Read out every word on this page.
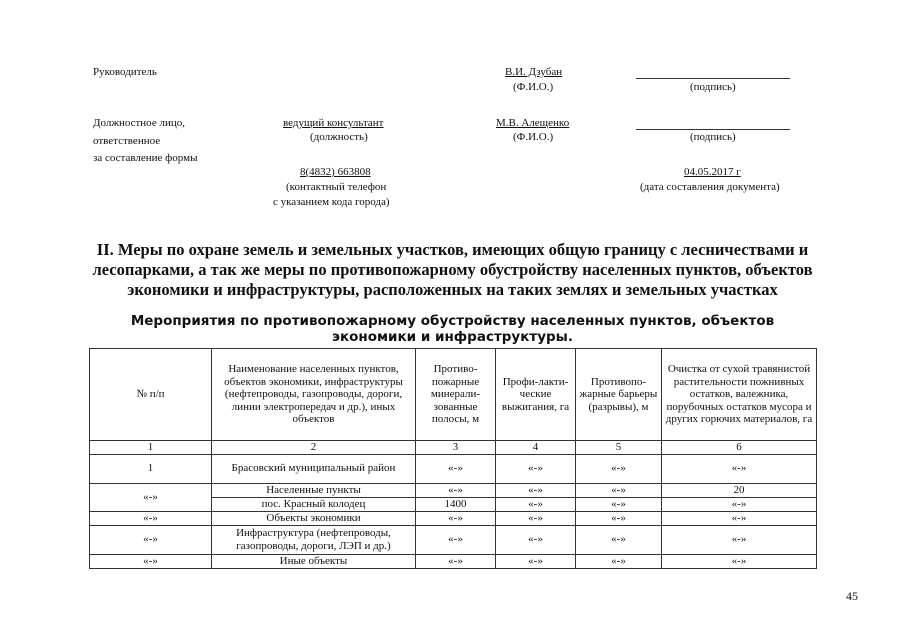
Руководитель	В.И. Дзубан
(Ф.И.О.)	(подпись)
Должностное лицо,
ответственное
за составление формы
ведущий консультант
(должность)
М.В. Алещенко
(Ф.И.О.)	(подпись)
8(4832) 663808
(контактный телефон
с указанием кода города)
04.05.2017 г
(дата составления документа)
II. Меры по охране земель и земельных участков, имеющих общую границу с лесничествами и лесопарками, а так же меры по противопожарному обустройству населенных пунктов, объектов экономики и инфраструктуры, расположенных на таких землях и земельных участках
Мероприятия по противопожарному обустройству населенных пунктов, объектов экономики и инфраструктуры.
№ п/п	Наименование населенных пунктов, объектов экономики, инфраструктуры (нефтепроводы, газопроводы, дороги, линии электропередач и др.), иных объектов	Противо-пожарные минерали-зованные полосы, м	Профи-лакти-ческие выжигания, га	Противопо-жарные барьеры (разрывы), м	Очистка от сухой травянистой растительности пожнивных остатков, валежника, порубочных остатков мусора и других горючих материалов, га
1	2	3	4	5	6
1	Брасовский муниципальный район	«-»	«-»	«-»	«-»
«-»	Населенные пункты	«-»	«-»	«-»	20
	пос. Красный колодец	1400	«-»	«-»	«-»
«-»	Объекты экономики	«-»	«-»	«-»	«-»
«-»	Инфраструктура (нефтепроводы, газопроводы, дороги, ЛЭП и др.)	«-»	«-»	«-»	«-»
«-»	Иные объекты	«-»	«-»	«-»	«-»
45
